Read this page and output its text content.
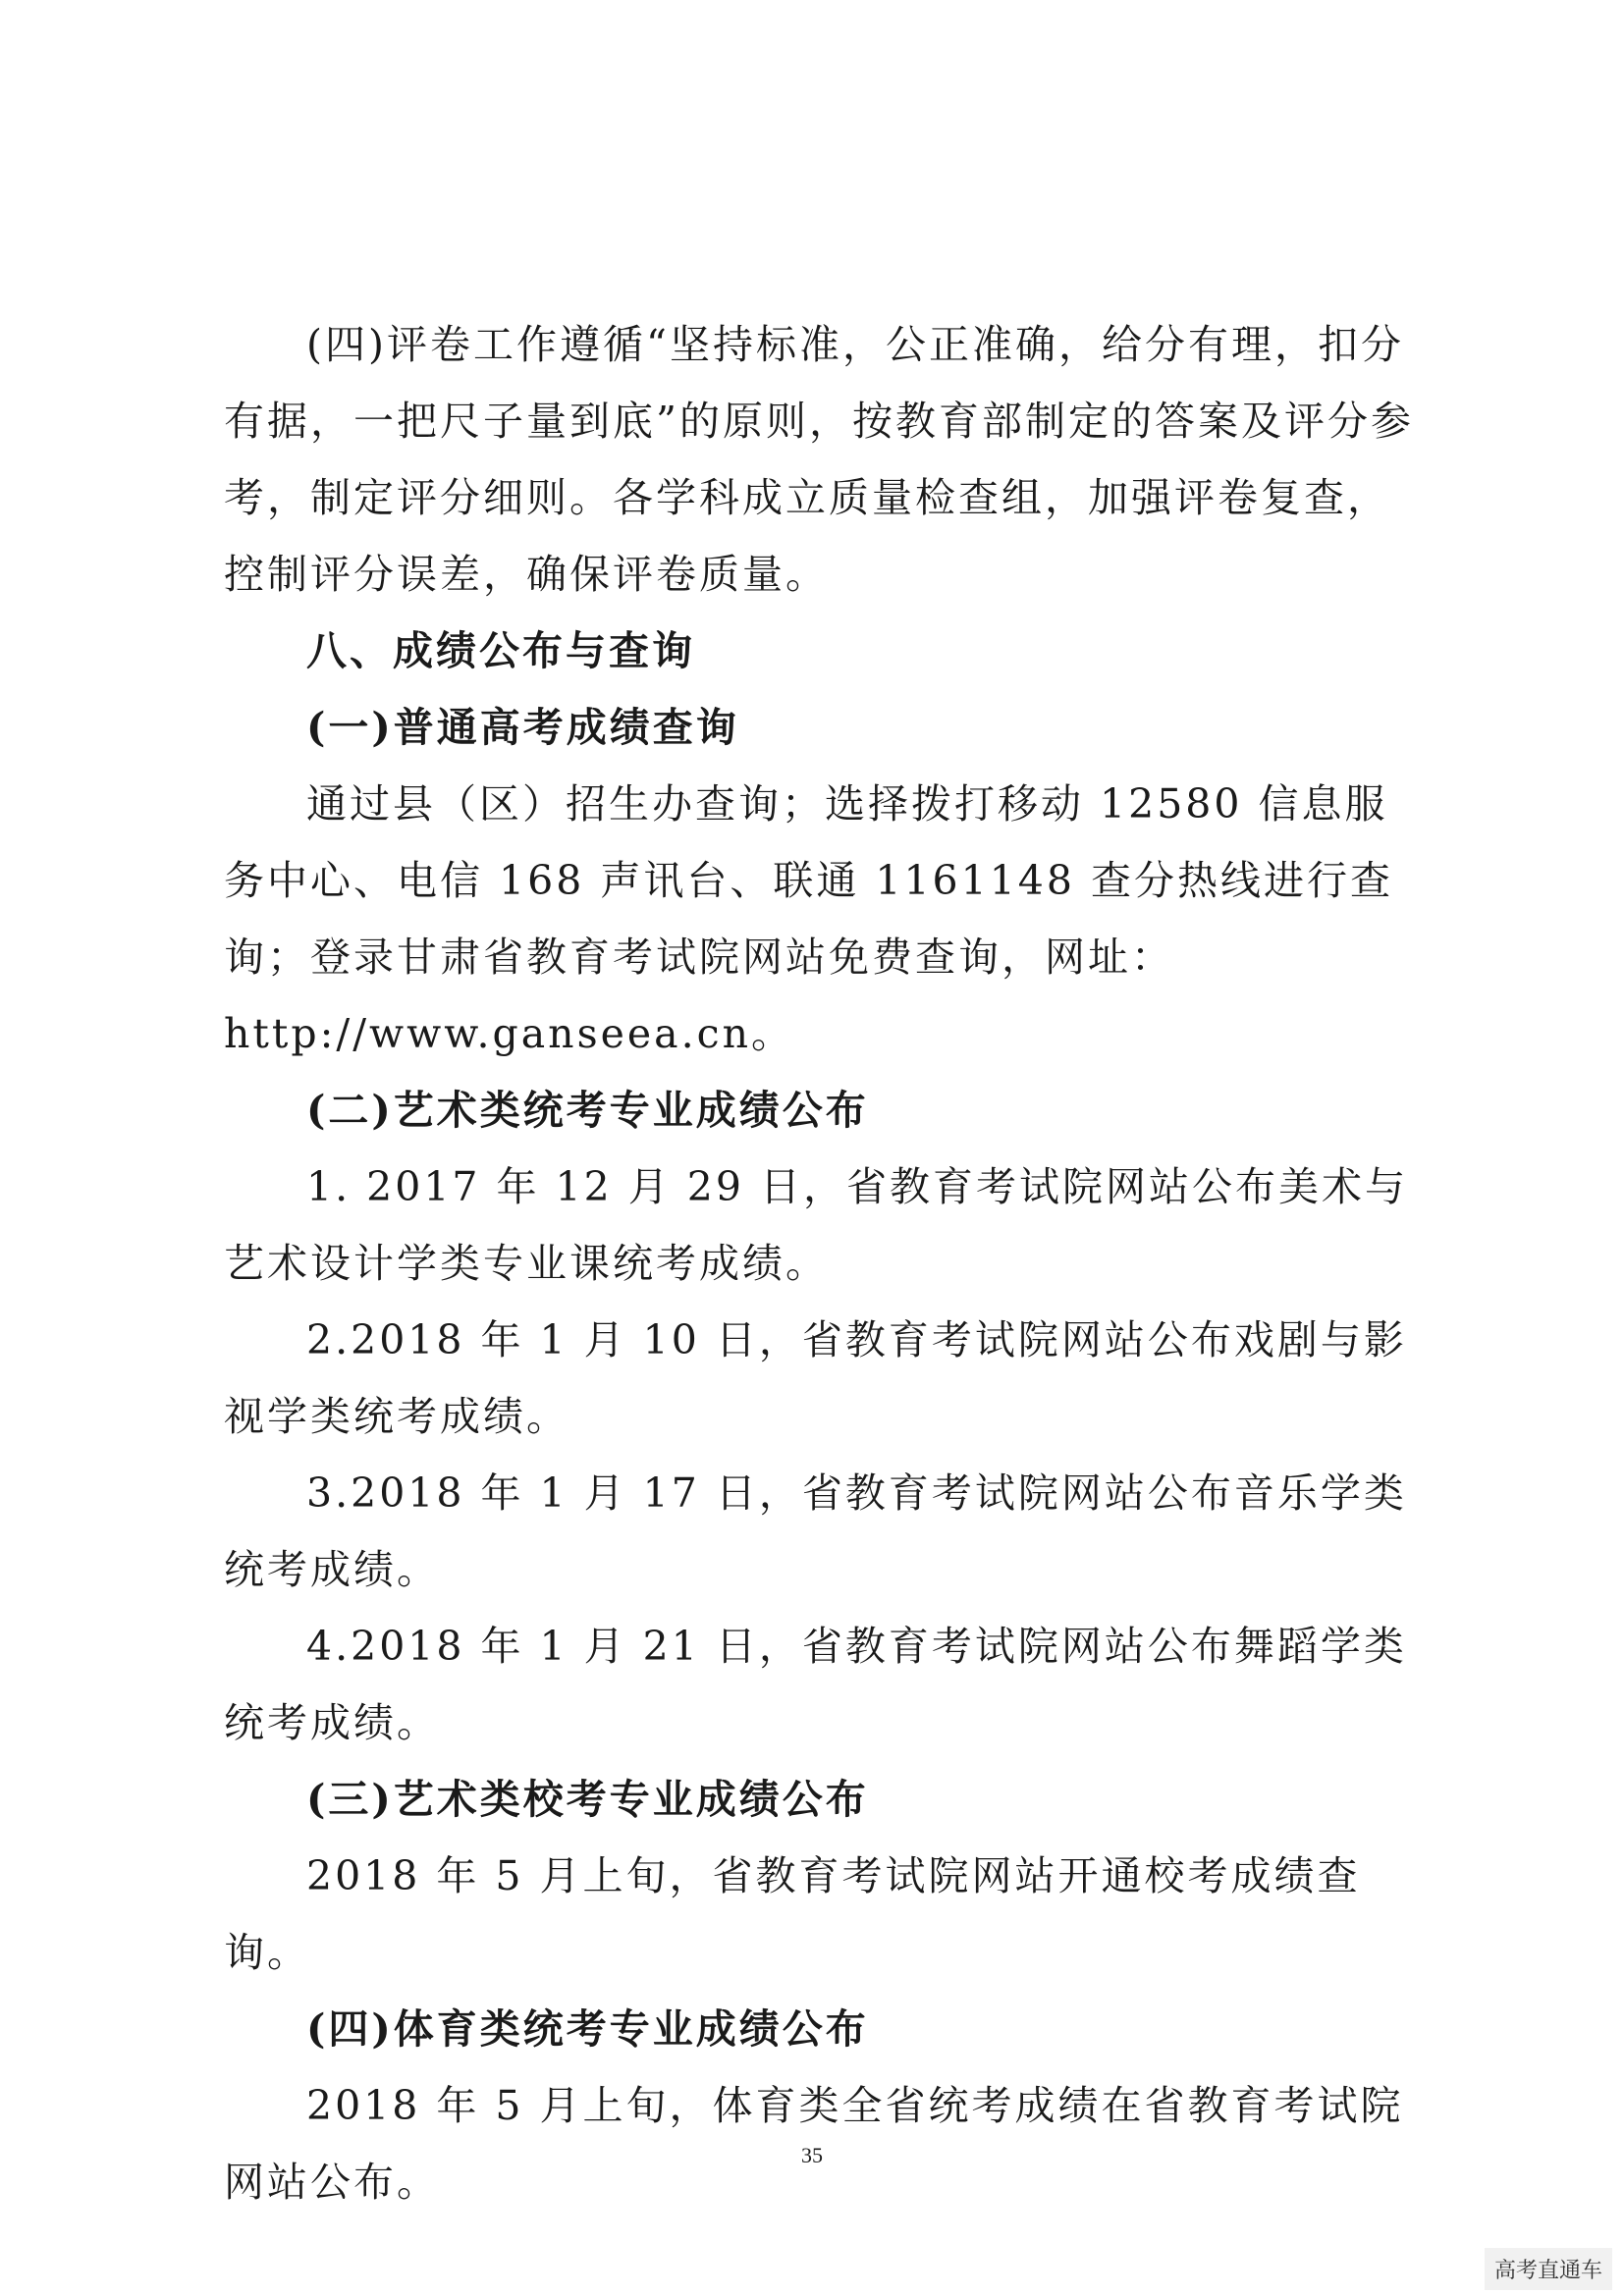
(四)评卷工作遵循“坚持标准，公正准确，给分有理，扣分有据，一把尺子量到底”的原则，按教育部制定的答案及评分参考，制定评分细则。各学科成立质量检查组，加强评卷复查，控制评分误差，确保评卷质量。

八、成绩公布与查询

(一)普通高考成绩查询

通过县（区）招生办查询；选择拨打移动 12580 信息服务中心、电信 168 声讯台、联通 1161148 查分热线进行查询；登录甘肃省教育考试院网站免费查询，网址：http://www.ganseea.cn。

(二)艺术类统考专业成绩公布

1. 2017 年 12 月 29 日，省教育考试院网站公布美术与艺术设计学类专业课统考成绩。

2.2018 年 1 月 10 日，省教育考试院网站公布戏剧与影视学类统考成绩。

3.2018 年 1 月 17 日，省教育考试院网站公布音乐学类统考成绩。

4.2018 年 1 月 21 日，省教育考试院网站公布舞蹈学类统考成绩。

(三)艺术类校考专业成绩公布

2018 年 5 月上旬，省教育考试院网站开通校考成绩查询。

(四)体育类统考专业成绩公布

2018 年 5 月上旬，体育类全省统考成绩在省教育考试院网站公布。

35
高考直通车
